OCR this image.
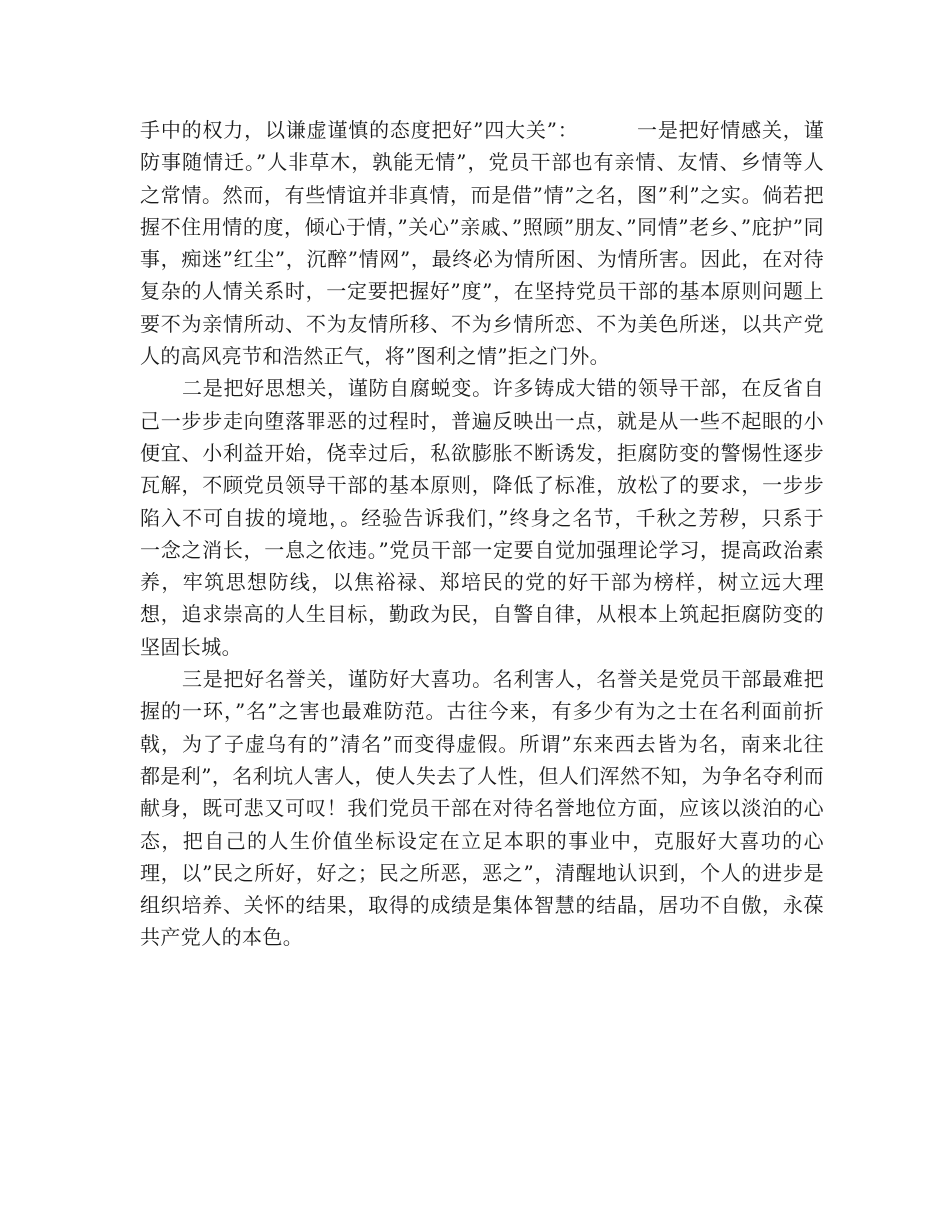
手中的权力，以谦虚谨慎的态度把好”四大关”：	一是把好情感关，谨防事随情迁。”人非草木，孰能无情”，党员干部也有亲情、友情、乡情等人之常情。然而，有些情谊并非真情，而是借”情”之名，图”利”之实。倘若把握不住用情的度，倾心于情，”关心”亲戚、”照顾”朋友、”同情”老乡、”庇护”同事，痴迷”红尘”，沉醉”情网”，最终必为情所困、为情所害。因此，在对待复杂的人情关系时，一定要把握好”度”，在坚持党员干部的基本原则问题上要不为亲情所动、不为友情所移、不为乡情所恋、不为美色所迷，以共产党人的高风亮节和浩然正气，将”图利之情”拒之门外。

二是把好思想关，谨防自腐蜕变。许多铸成大错的领导干部，在反省自己一步步走向堕落罪恶的过程时，普遍反映出一点，就是从一些不起眼的小便宜、小利益开始，侥幸过后，私欲膨胀不断诱发，拒腐防变的警惕性逐步瓦解，不顾党员领导干部的基本原则，降低了标准，放松了的要求，一步步陷入不可自拔的境地，。经验告诉我们，”终身之名节，千秋之芳秽，只系于一念之消长，一息之依违。”党员干部一定要自觉加强理论学习，提高政治素养，牢筑思想防线，以焦裕禄、郑培民的党的好干部为榜样，树立远大理想，追求崇高的人生目标，勤政为民，自警自律，从根本上筑起拒腐防变的坚固长城。

三是把好名誉关，谨防好大喜功。名利害人，名誉关是党员干部最难把握的一环，”名”之害也最难防范。古往今来，有多少有为之士在名利面前折戟，为了子虚乌有的”清名”而变得虚假。所谓”东来西去皆为名，南来北往都是利”，名利坑人害人，使人失去了人性，但人们浑然不知，为争名夺利而献身，既可悲又可叹！我们党员干部在对待名誉地位方面，应该以淡泊的心态，把自己的人生价值坐标设定在立足本职的事业中，克服好大喜功的心理，以”民之所好，好之；民之所恶，恶之”，清醒地认识到，个人的进步是组织培养、关怀的结果，取得的成绩是集体智慧的结晶，居功不自傲，永葆共产党人的本色。
